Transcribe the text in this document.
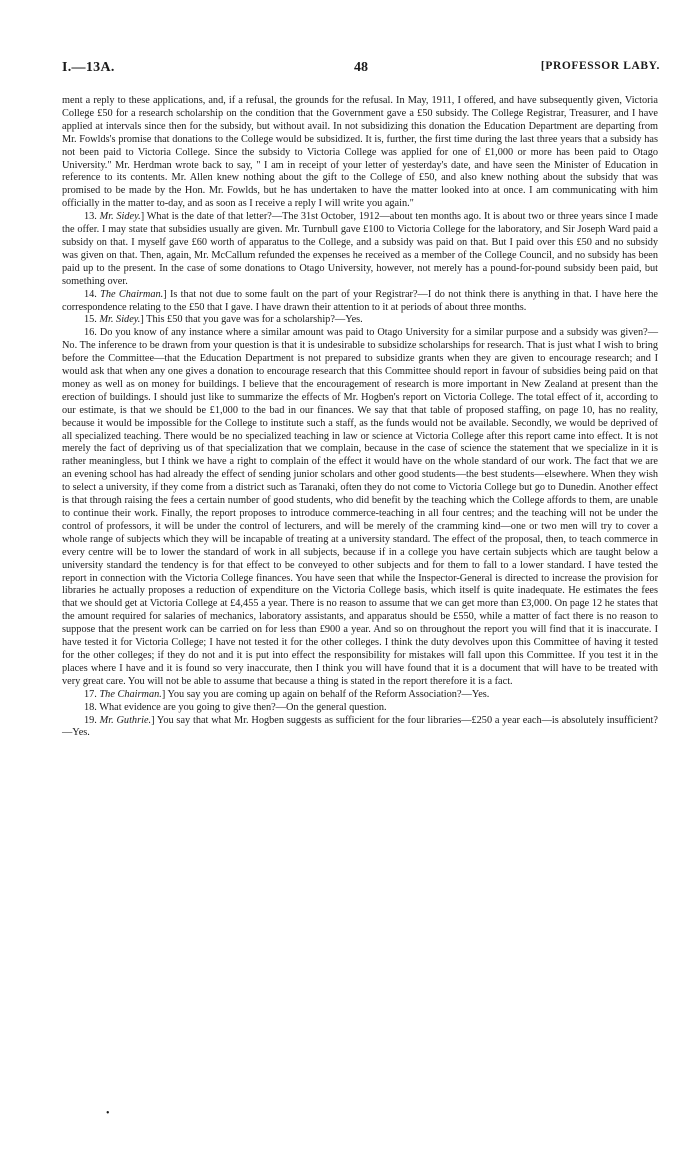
I.—13A.	48	[PROFESSOR LABY.

ment a reply to these applications, and, if a refusal, the grounds for the refusal. In May, 1911, I offered, and have subsequently given, Victoria College £50 for a research scholarship on the condition that the Government gave a £50 subsidy. The College Registrar, Treasurer, and I have applied at intervals since then for the subsidy, but without avail. In not subsidizing this donation the Education Department are departing from Mr. Fowlds's promise that donations to the College would be subsidized. It is, further, the first time during the last three years that a subsidy has not been paid to Victoria College. Since the subsidy to Victoria College was applied for one of £1,000 or more has been paid to Otago University." Mr. Herdman wrote back to say, " I am in receipt of your letter of yesterday's date, and have seen the Minister of Education in reference to its contents. Mr. Allen knew nothing about the gift to the College of £50, and also knew nothing about the subsidy that was promised to be made by the Hon. Mr. Fowlds, but he has undertaken to have the matter looked into at once. I am communicating with him officially in the matter to-day, and as soon as I receive a reply I will write you again."

13. Mr. Sidey.] What is the date of that letter?—The 31st October, 1912—about ten months ago. It is about two or three years since I made the offer. I may state that subsidies usually are given. Mr. Turnbull gave £100 to Victoria College for the laboratory, and Sir Joseph Ward paid a subsidy on that. I myself gave £60 worth of apparatus to the College, and a subsidy was paid on that. But I paid over this £50 and no subsidy was given on that. Then, again, Mr. McCallum refunded the expenses he received as a member of the College Council, and no subsidy has been paid up to the present. In the case of some donations to Otago University, however, not merely has a pound-for-pound subsidy been paid, but something over.

14. The Chairman.] Is that not due to some fault on the part of your Registrar?—I do not think there is anything in that. I have here the correspondence relating to the £50 that I gave. I have drawn their attention to it at periods of about three months.

15. Mr. Sidey.] This £50 that you gave was for a scholarship?—Yes.

16. Do you know of any instance where a similar amount was paid to Otago University for a similar purpose and a subsidy was given?—No. The inference to be drawn from your question is that it is undesirable to subsidize scholarships for research. That is just what I wish to bring before the Committee—that the Education Department is not prepared to subsidize grants when they are given to encourage research; and I would ask that when any one gives a donation to encourage research that this Committee should report in favour of subsidies being paid on that money as well as on money for buildings. I believe that the encouragement of research is more important in New Zealand at present than the erection of buildings. I should just like to summarize the effects of Mr. Hogben's report on Victoria College. The total effect of it, according to our estimate, is that we should be £1,000 to the bad in our finances. We say that that table of proposed staffing, on page 10, has no reality, because it would be impossible for the College to institute such a staff, as the funds would not be available. Secondly, we would be deprived of all specialized teaching. There would be no specialized teaching in law or science at Victoria College after this report came into effect. It is not merely the fact of depriving us of that specialization that we complain, because in the case of science the statement that we specialize in it is rather meaningless, but I think we have a right to complain of the effect it would have on the whole standard of our work. The fact that we are an evening school has had already the effect of sending junior scholars and other good students—the best students—elsewhere. When they wish to select a university, if they come from a district such as Taranaki, often they do not come to Victoria College but go to Dunedin. Another effect is that through raising the fees a certain number of good students, who did benefit by the teaching which the College affords to them, are unable to continue their work. Finally, the report proposes to introduce commerce-teaching in all four centres; and the teaching will not be under the control of professors, it will be under the control of lecturers, and will be merely of the cramming kind—one or two men will try to cover a whole range of subjects which they will be incapable of treating at a university standard. The effect of the proposal, then, to teach commerce in every centre will be to lower the standard of work in all subjects, because if in a college you have certain subjects which are taught below a university standard the tendency is for that effect to be conveyed to other subjects and for them to fall to a lower standard. I have tested the report in connection with the Victoria College finances. You have seen that while the Inspector-General is directed to increase the provision for libraries he actually proposes a reduction of expenditure on the Victoria College basis, which itself is quite inadequate. He estimates the fees that we should get at Victoria College at £4,455 a year. There is no reason to assume that we can get more than £3,000. On page 12 he states that the amount required for salaries of mechanics, laboratory assistants, and apparatus should be £550, while a matter of fact there is no reason to suppose that the present work can be carried on for less than £900 a year. And so on throughout the report you will find that it is inaccurate. I have tested it for Victoria College; I have not tested it for the other colleges. I think the duty devolves upon this Committee of having it tested for the other colleges; if they do not and it is put into effect the responsibility for mistakes will fall upon this Committee. If you test it in the places where I have and it is found so very inaccurate, then I think you will have found that it is a document that will have to be treated with very great care. You will not be able to assume that because a thing is stated in the report therefore it is a fact.

17. The Chairman.] You say you are coming up again on behalf of the Reform Association?—Yes.

18. What evidence are you going to give then?—On the general question.

19. Mr. Guthrie.] You say that what Mr. Hogben suggests as sufficient for the four libraries—£250 a year each—is absolutely insufficient?—Yes.

•
